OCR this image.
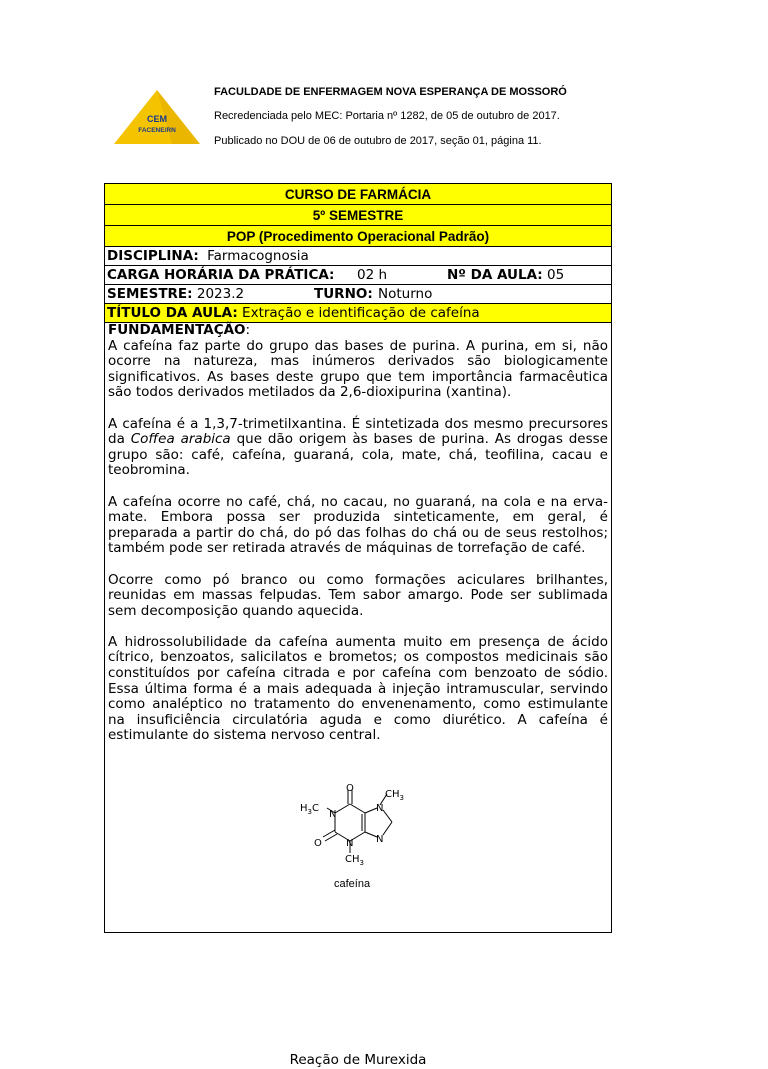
CEM
FACENE/RN
FACULDADE DE ENFERMAGEM NOVA ESPERANÇA DE MOSSORÓ
Recredenciada pelo MEC: Portaria nº 1282, de 05 de outubro de 2017.
Publicado no DOU de 06 de outubro de 2017, seção 01, página 11.
CURSO DE FARMÁCIA
5º SEMESTRE
POP (Procedimento Operacional Padrão)
DISCIPLINA: Farmacognosia
CARGA HORÁRIA DA PRÁTICA: 02 h	Nº DA AULA: 05
SEMESTRE: 2023.2	TURNO: Noturno
TÍTULO DA AULA: Extração e identificação de cafeína
FUNDAMENTAÇÃO:

A cafeína faz parte do grupo das bases de purina. A purina, em si, não ocorre na natureza, mas inúmeros derivados são biologicamente significativos. As bases deste grupo que tem importância farmacêutica são todos derivados metilados da 2,6-dioxipurina (xantina).

A cafeína é a 1,3,7-trimetilxantina. É sintetizada dos mesmo precursores da Coffea arabica que dão origem às bases de purina. As drogas desse grupo são: café, cafeína, guaraná, cola, mate, chá, teofilina, cacau e teobromina.

A cafeína ocorre no café, chá, no cacau, no guaraná, na cola e na erva-mate. Embora possa ser produzida sinteticamente, em geral, é preparada a partir do chá, do pó das folhas do chá ou de seus restolhos; também pode ser retirada através de máquinas de torrefação de café.

Ocorre como pó branco ou como formações aciculares brilhantes, reunidas em massas felpudas. Tem sabor amargo. Pode ser sublimada sem decomposição quando aquecida.

A hidrossolubilidade da cafeína aumenta muito em presença de ácido cítrico, benzoatos, salicilatos e brometos; os compostos medicinais são constituídos por cafeína citrada e por cafeína com benzoato de sódio. Essa última forma é a mais adequada à injeção intramuscular, servindo como analéptico no tratamento do envenenamento, como estimulante na insuficiência circulatória aguda e como diurético. A cafeína é estimulante do sistema nervoso central.

Reação de Murexida
O
O
N
N
N
N
$H_3C$
$CH_3$
$CH_3$
cafeína
